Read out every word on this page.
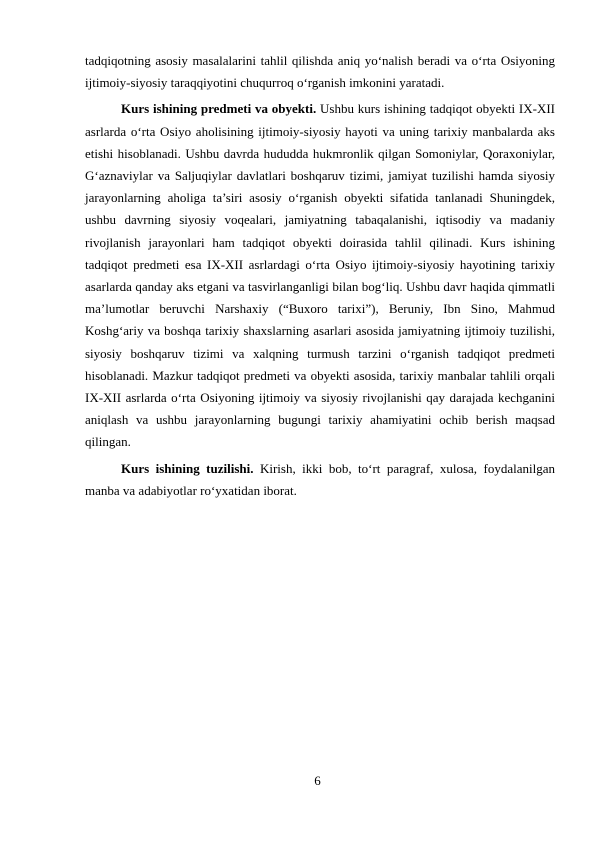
tadqiqotning asosiy masalalarini tahlil qilishda aniq yo‘nalish beradi va o‘rta Osiyoning ijtimoiy-siyosiy taraqqiyotini chuqurroq o‘rganish imkonini yaratadi.

Kurs ishining predmeti va obyekti. Ushbu kurs ishining tadqiqot obyekti IX-XII asrlarda o‘rta Osiyo aholisining ijtimoiy-siyosiy hayoti va uning tarixiy manbalarda aks etishi hisoblanadi. Ushbu davrda hududda hukmronlik qilgan Somoniylar, Qoraxoniylar, G‘aznaviylar va Saljuqiylar davlatlari boshqaruv tizimi, jamiyat tuzilishi hamda siyosiy jarayonlarning aholiga ta’siri asosiy o‘rganish obyekti sifatida tanlanadi Shuningdek, ushbu davrning siyosiy voqealari, jamiyatning tabaqalanishi, iqtisodiy va madaniy rivojlanish jarayonlari ham tadqiqot obyekti doirasida tahlil qilinadi. Kurs ishining tadqiqot predmeti esa IX-XII asrlardagi o‘rta Osiyo ijtimoiy-siyosiy hayotining tarixiy asarlarda qanday aks etgani va tasvirlanganligi bilan bog‘liq. Ushbu davr haqida qimmatli ma’lumotlar beruvchi Narshaxiy (“Buxoro tarixi”), Beruniy, Ibn Sino, Mahmud Koshg‘ariy va boshqa tarixiy shaxslarning asarlari asosida jamiyatning ijtimoiy tuzilishi, siyosiy boshqaruv tizimi va xalqning turmush tarzini o‘rganish tadqiqot predmeti hisoblanadi. Mazkur tadqiqot predmeti va obyekti asosida, tarixiy manbalar tahlili orqali IX-XII asrlarda o‘rta Osiyoning ijtimoiy va siyosiy rivojlanishi qay darajada kechganini aniqlash va ushbu jarayonlarning bugungi tarixiy ahamiyatini ochib berish maqsad qilingan.

Kurs ishining tuzilishi. Kirish, ikki bob, to‘rt paragraf, xulosa, foydalanilgan manba va adabiyotlar ro‘yxatidan iborat.

6
